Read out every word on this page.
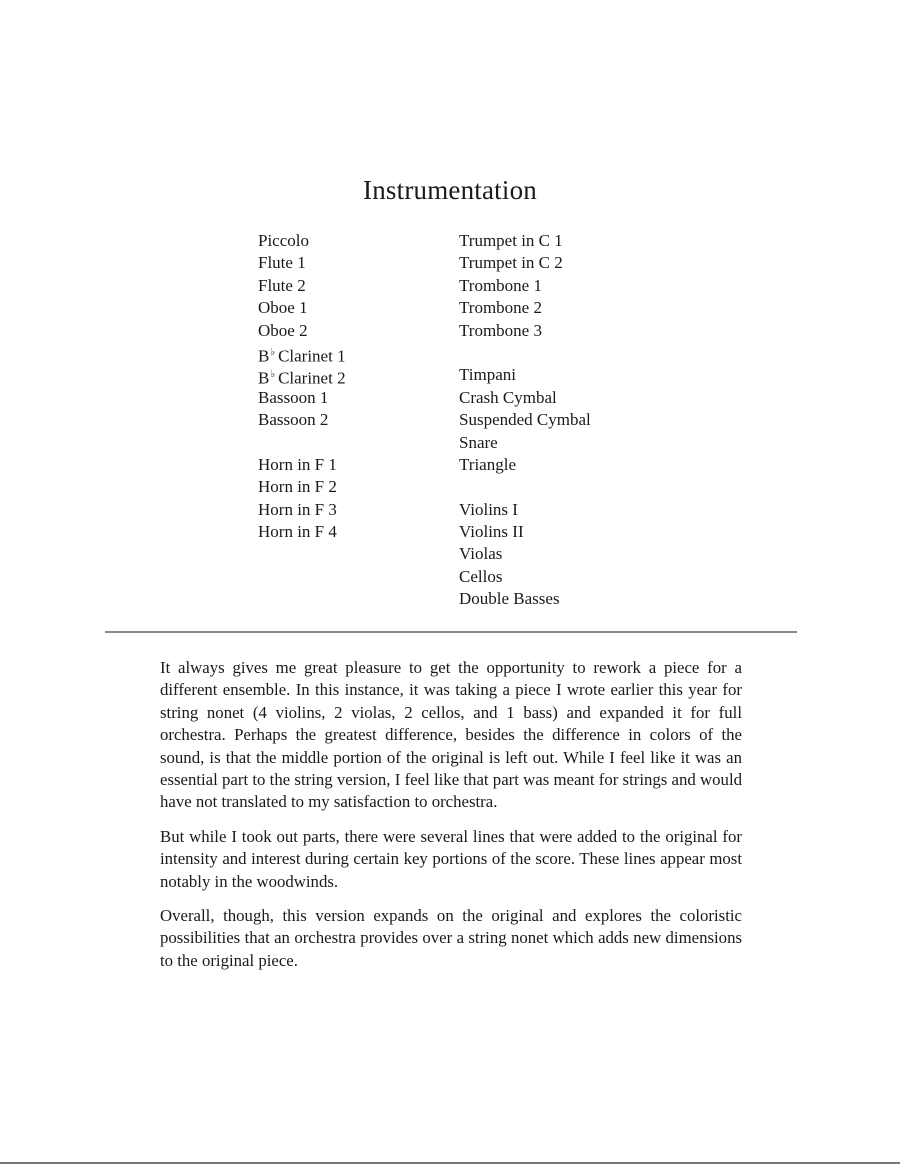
Instrumentation
Piccolo
Flute 1
Flute 2
Oboe 1
Oboe 2
B♭ Clarinet 1
B♭ Clarinet 2
Bassoon 1
Bassoon 2
Horn in F 1
Horn in F 2
Horn in F 3
Horn in F 4
Trumpet in C 1
Trumpet in C 2
Trombone 1
Trombone 2
Trombone 3
Timpani
Crash Cymbal
Suspended Cymbal
Snare
Triangle
Violins I
Violins II
Violas
Cellos
Double Basses

It always gives me great pleasure to get the opportunity to rework a piece for a different ensemble. In this instance, it was taking a piece I wrote earlier this year for string nonet (4 violins, 2 violas, 2 cellos, and 1 bass) and expanded it for full orchestra. Perhaps the greatest difference, besides the difference in colors of the sound, is that the middle portion of the original is left out. While I feel like it was an essential part to the string version, I feel like that part was meant for strings and would have not translated to my satisfaction to orchestra.

But while I took out parts, there were several lines that were added to the original for intensity and interest during certain key portions of the score. These lines appear most notably in the woodwinds.

Overall, though, this version expands on the original and explores the coloristic possibilities that an orchestra provides over a string nonet which adds new dimensions to the original piece.
